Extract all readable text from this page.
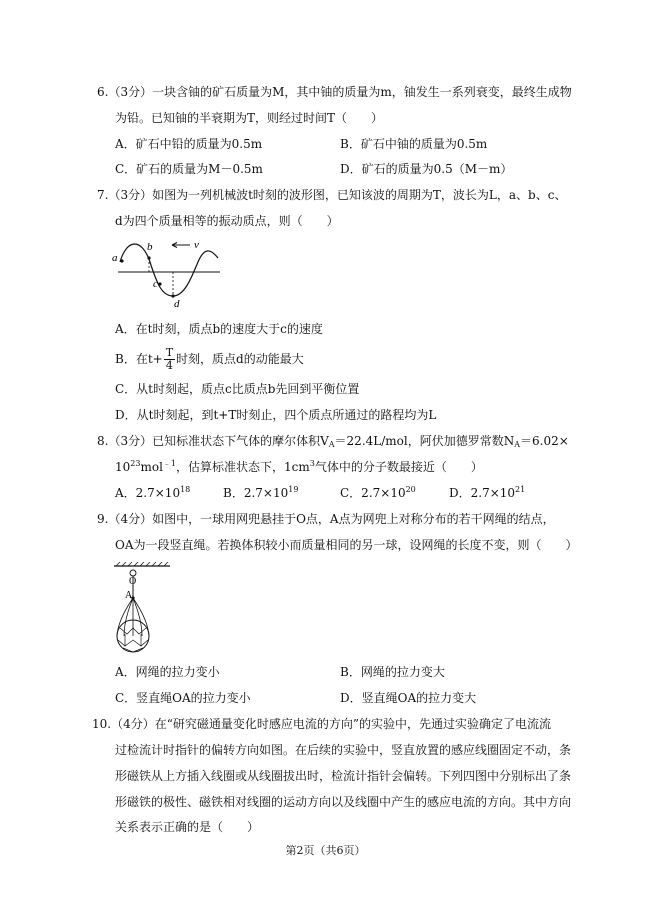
6.（3分）一块含铀的矿石质量为M，其中铀的质量为m，铀发生一系列衰变，最终生成物
为铅。已知铀的半衰期为T，则经过时间T（　　）
A．矿石中铅的质量为0.5m	B．矿石中铀的质量为0.5m
C．矿石的质量为M－0.5m	D．矿石的质量为0.5（M－m）
7.（3分）如图为一列机械波t时刻的波形图，已知该波的周期为T，波长为L，a、b、c、
d为四个质量相等的振动质点，则（　　）
a
b
c
d
v
A．在t时刻，质点b的速度大于c的速度
B．在$t+ \frac{T}{4}$ 时刻，质点d的动能最大
C．从t时刻起，质点c比质点b先回到平衡位置
D．从t时刻起，到t+T时刻止，四个质点所通过的路程均为L
8.（3分）已知标准状态下气体的摩尔体积$V_A=22.4L$/mol，阿伏加德罗常数$N_A=6.02\times$
$10^{23}mol^{﹣1}$，估算标准状态下，$1cm^3$气体中的分子数最接近（　　）
A．$2.7\times 10^{18}$	B．$2.7\times 10^{19}$	C．$2.7\times 10^{20}$	D．$2.7\times 10^{21}$
9.（4分）如图中，一球用网兜悬挂于O点，A点为网兜上对称分布的若干网绳的结点，
OA为一段竖直绳。若换体积较小而质量相同的另一球，设网绳的长度不变，则（　　）
O
A
A．网绳的拉力变小	B．网绳的拉力变大
C．竖直绳OA的拉力变小	D．竖直绳OA的拉力变大
10.（4分）在“研究磁通量变化时感应电流的方向”的实验中，先通过实验确定了电流流
过检流计时指针的偏转方向如图。在后续的实验中，竖直放置的感应线圈固定不动，条
形磁铁从上方插入线圈或从线圈拔出时，检流计指针会偏转。下列四图中分别标出了条
形磁铁的极性、磁铁相对线圈的运动方向以及线圈中产生的感应电流的方向。其中方向
关系表示正确的是（　　）
第2页（共6页）
